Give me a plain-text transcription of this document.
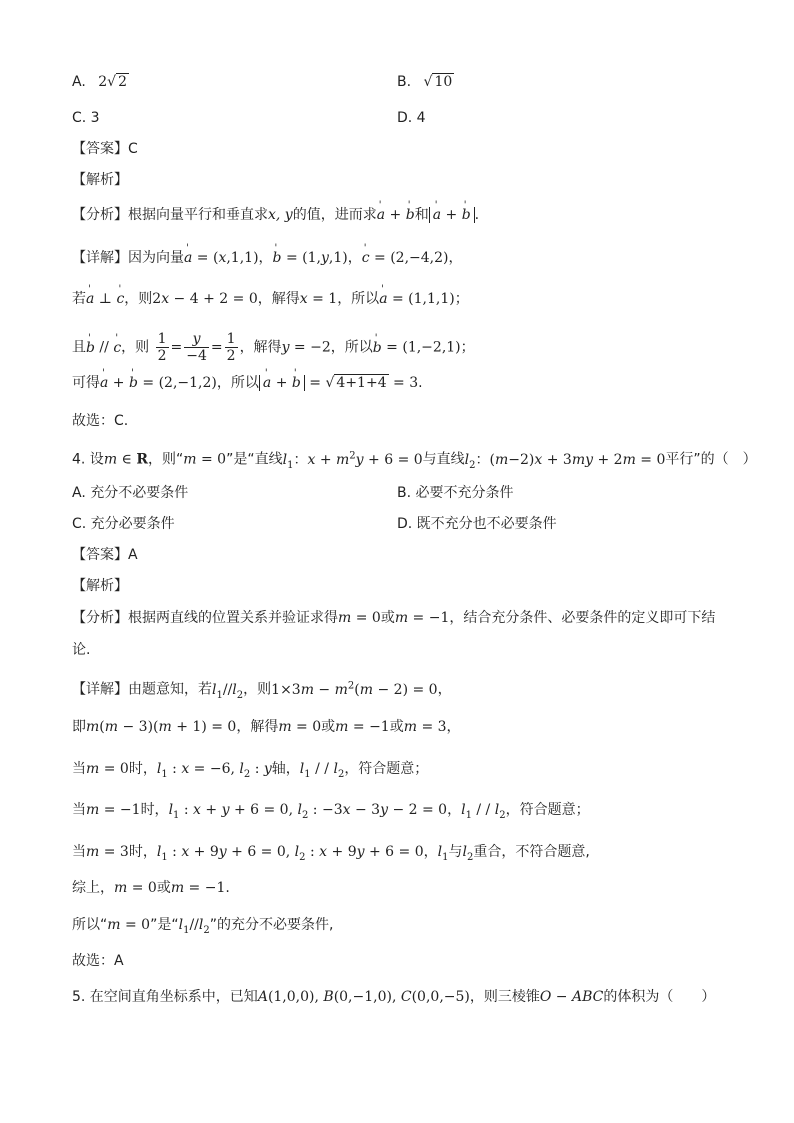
A. 2√ 2	B. √ 10
C. 3	D. 4
【答案】C
【解析】
【分析】根据向量平行和垂直求x, y的值，进而求' a + ' b和 ' a + ' b .
【详解】因为向量' a = (x,1,1)，' b = (1,y,1)，' c = (2,−4,2)，
若' a ⊥ ' c，则2x − 4 + 2 = 0，解得x = 1，所以' a = (1,1,1)；
且' b // ' c，则 $\frac{1}{2} = \frac{y}{-4} = \frac{1}{2}$ ，解得y = −2，所以' b = (1,−2,1)；
可得' a + ' b = (2,−1,2)，所以 ' a + ' b = √ 4+1+4 = 3.
故选：C.
4. 设m ∈ R，则“m = 0”是“直线$l_1$：$x + m^2y + 6 = 0$与直线$l_2$：(m−2)x + 3my + 2m = 0平行”的（　）
A. 充分不必要条件	B. 必要不充分条件
C. 充分必要条件	D. 既不充分也不必要条件
【答案】A
【解析】
【分析】根据两直线的位置关系并验证求得m = 0或m = −1，结合充分条件、必要条件的定义即可下结
论.
【详解】由题意知，若$l_1//l_2$，则$1\times 3m - m^2(m - 2) = 0$，
即m(m − 3)(m + 1) = 0，解得m = 0或m = −1或m = 3，
当m = 0时，$l_1$ : x = −6, $l_2$ : y轴，$l_1$ / / $l_2$，符合题意；
当m = −1时，$l_1$ : x + y + 6 = 0, $l_2$ : −3x − 3y − 2 = 0，$l_1$ / / $l_2$，符合题意；
当m = 3时，$l_1$ : x + 9y + 6 = 0, $l_2$ : x + 9y + 6 = 0，$l_1$与$l_2$重合，不符合题意,
综上，m = 0或m = −1.
所以“m = 0”是“$l_1//l_2$”的充分不必要条件,
故选：A
5. 在空间直角坐标系中，已知A(1,0,0), B(0,−1,0), C(0,0,−5)，则三棱锥O − ABC的体积为（　　）
